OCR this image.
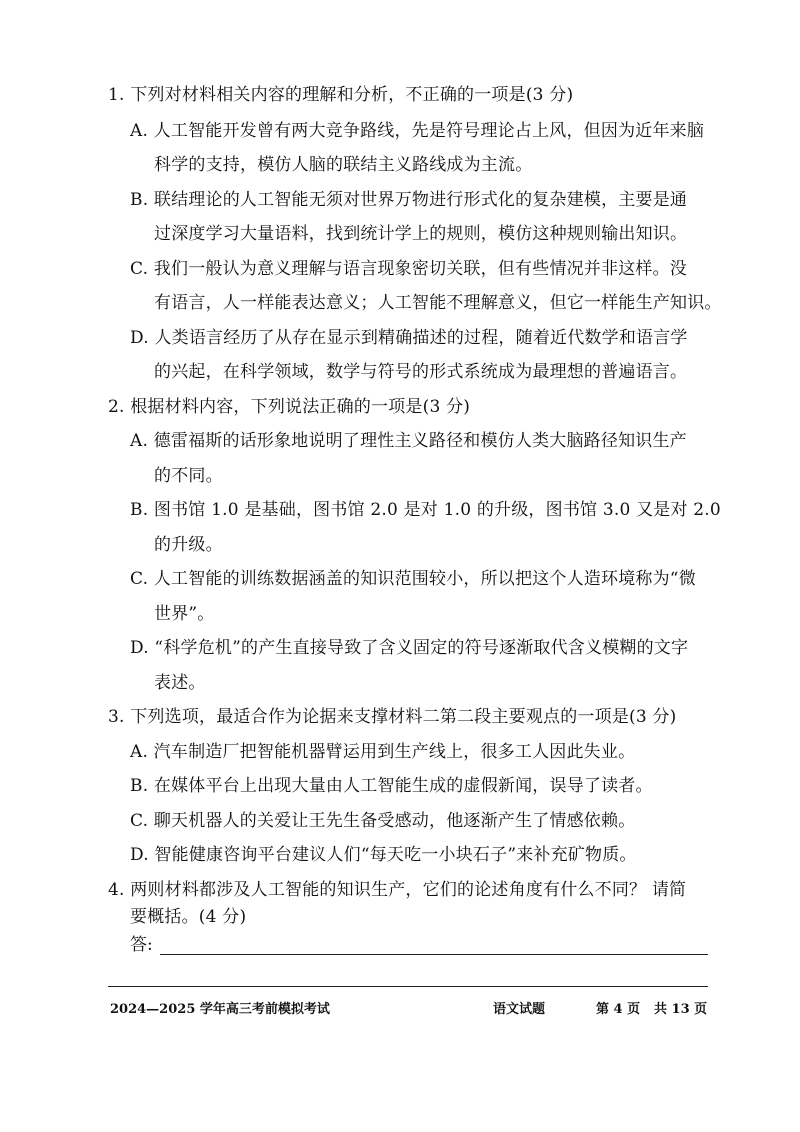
1. 下列对材料相关内容的理解和分析，不正确的一项是(3 分)
A. 人工智能开发曾有两大竞争路线，先是符号理论占上风，但因为近年来脑
科学的支持，模仿人脑的联结主义路线成为主流。
B. 联结理论的人工智能无须对世界万物进行形式化的复杂建模，主要是通
过深度学习大量语料，找到统计学上的规则，模仿这种规则输出知识。
C. 我们一般认为意义理解与语言现象密切关联，但有些情况并非这样。没
有语言，人一样能表达意义；人工智能不理解意义，但它一样能生产知识。
D. 人类语言经历了从存在显示到精确描述的过程，随着近代数学和语言学
的兴起，在科学领域，数学与符号的形式系统成为最理想的普遍语言。
2. 根据材料内容，下列说法正确的一项是(3 分)
A. 德雷福斯的话形象地说明了理性主义路径和模仿人类大脑路径知识生产
的不同。
B. 图书馆 1.0 是基础，图书馆 2.0 是对 1.0 的升级，图书馆 3.0 又是对 2.0
的升级。
C. 人工智能的训练数据涵盖的知识范围较小，所以把这个人造环境称为“微
世界”。
D. “科学危机”的产生直接导致了含义固定的符号逐渐取代含义模糊的文字
表述。
3. 下列选项，最适合作为论据来支撑材料二第二段主要观点的一项是(3 分)
A. 汽车制造厂把智能机器臂运用到生产线上，很多工人因此失业。
B. 在媒体平台上出现大量由人工智能生成的虚假新闻，误导了读者。
C. 聊天机器人的关爱让王先生备受感动，他逐渐产生了情感依赖。
D. 智能健康咨询平台建议人们“每天吃一小块石子”来补充矿物质。
4. 两则材料都涉及人工智能的知识生产，它们的论述角度有什么不同？ 请简
要概括。(4 分)
答:
2024—2025 学年高三考前模拟考试	语文试题	第 4 页 共 13 页
